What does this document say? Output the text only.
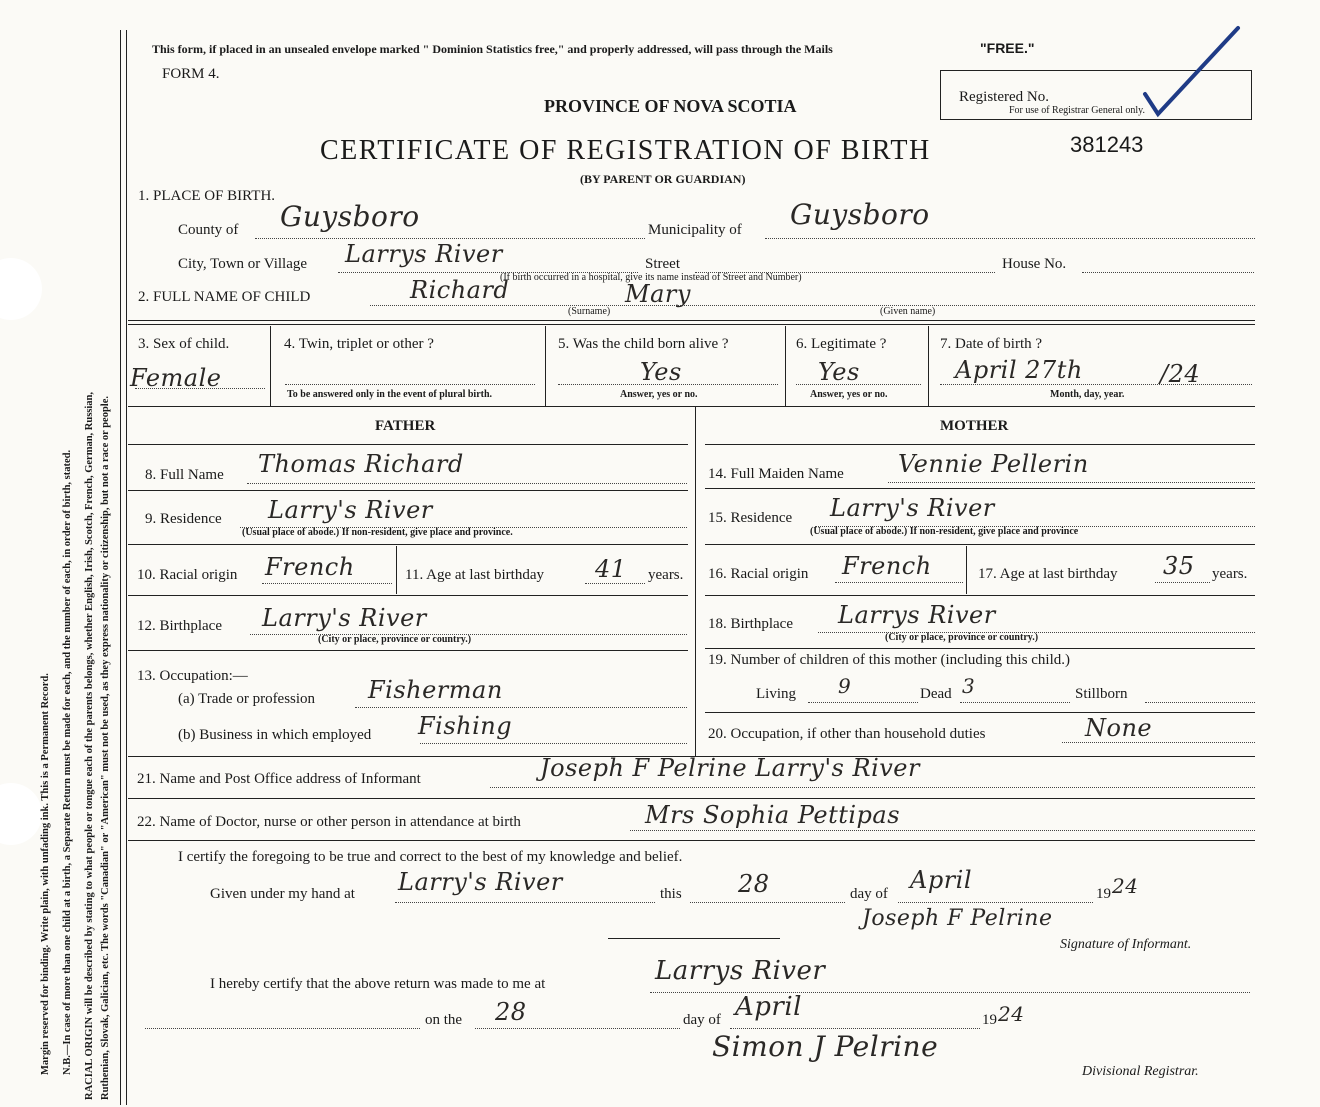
Margin reserved for binding. Write plain, with unfading ink. This is a Permanent Record. N.B.—In case of more than one child at a birth, a Separate Return must be made for each, and the number of each, in order of birth, stated. RACIAL ORIGIN will be described by stating to what people or tongue each of the parents belongs, whether English, Irish, Scotch, French, German, Russian, Ruthenian, Slovak, Galician, etc. The words "Canadian" or "American" must not be used, as they express nationality or citizenship, but not a race or people.
This form, if placed in an unsealed envelope marked " Dominion Statistics free," and properly addressed, will pass through the Mails	"FREE."
FORM 4.
PROVINCE OF NOVA SCOTIA
CERTIFICATE OF REGISTRATION OF BIRTH
(BY PARENT OR GUARDIAN)
Registered No.
For use of Registrar General only.
381243
1. PLACE OF BIRTH.
County of Guysboro	Municipality of Guysboro
City, Town or Village Larrys River	Street	House No.
(If birth occurred in a hospital, give its name instead of Street and Number)
2. FULL NAME OF CHILD	Richard	Mary
(Surname)	(Given name)
3. Sex of child.
Female
4. Twin, triplet or other ?
To be answered only in the event of plural birth.
5. Was the child born alive ?
Yes
Answer, yes or no.
6. Legitimate ?
Yes
Answer, yes or no.
7. Date of birth ?
April 27th	/24
Month, day, year.
FATHER	MOTHER
8. Full Name Thomas Richard
9. Residence Larry's River
(Usual place of abode.) If non-resident, give place and province.
10. Racial origin French	11. Age at last birthday 41 years.
12. Birthplace Larry's River
(City or place, province or country.)
13. Occupation:—
(a) Trade or profession Fisherman
(b) Business in which employed Fishing
14. Full Maiden Name Vennie Pellerin
15. Residence Larry's River
(Usual place of abode.) If non-resident, give place and province
16. Racial origin French	17. Age at last birthday 35 years.
18. Birthplace Larrys River
(City or place, province or country.)
19. Number of children of this mother (including this child.)
Living 9	Dead 3	Stillborn
20. Occupation, if other than household duties	None
21. Name and Post Office address of Informant	Joseph F Pelrine Larry's River
22. Name of Doctor, nurse or other person in attendance at birth	Mrs Sophia Pettipas
I certify the foregoing to be true and correct to the best of my knowledge and belief.
Given under my hand at Larry's River	this 28	day of April	19 24
Joseph F Pelrine
Signature of Informant.
I hereby certify that the above return was made to me at	Larrys River
on the 28	day of April	19 24
Simon J Pelrine
Divisional Registrar.
